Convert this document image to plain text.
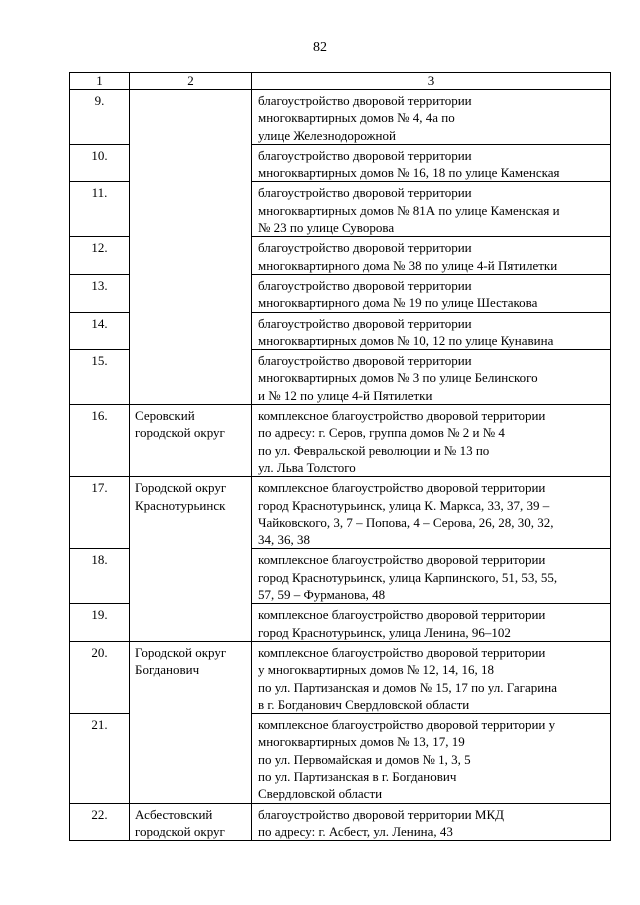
82
1	2	3
9.		благоустройство дворовой территории
многоквартирных домов № 4, 4а по
улице Железнодорожной

10.		благоустройство дворовой территории
многоквартирных домов № 16, 18 по улице Каменская

11.		благоустройство дворовой территории
многоквартирных домов № 81А по улице Каменская и
№ 23 по улице Суворова

12.		благоустройство дворовой территории
многоквартирного дома № 38 по улице 4-й Пятилетки

13.		благоустройство дворовой территории
многоквартирного дома № 19 по улице Шестакова

14.		благоустройство дворовой территории
многоквартирных домов № 10, 12 по улице Кунавина

15.		благоустройство дворовой территории
многоквартирных домов № 3 по улице Белинского
и № 12 по улице 4-й Пятилетки

16.	Серовский
городской округ	комплексное благоустройство дворовой территории
по адресу: г. Серов, группа домов № 2 и № 4
по ул. Февральской революции и № 13 по
ул. Льва Толстого

17.	Городской округ
Краснотурьинск	комплексное благоустройство дворовой территории
город Краснотурьинск, улица К. Маркса, 33, 37, 39 –
Чайковского, 3, 7 – Попова, 4 – Серова, 26, 28, 30, 32,
34, 36, 38

18.		комплексное благоустройство дворовой территории
город Краснотурьинск, улица Карпинского, 51, 53, 55,
57, 59 – Фурманова, 48

19.		комплексное благоустройство дворовой территории
город Краснотурьинск, улица Ленина, 96–102

20.	Городской округ
Богданович	комплексное благоустройство дворовой территории
у многоквартирных домов № 12, 14, 16, 18
по ул. Партизанская и домов № 15, 17 по ул. Гагарина
в г. Богданович Свердловской области

21.		комплексное благоустройство дворовой территории у
многоквартирных домов № 13, 17, 19
по ул. Первомайская и домов № 1, 3, 5
по ул. Партизанская в г. Богданович
Свердловской области

22.	Асбестовский
городской округ	благоустройство дворовой территории МКД
по адресу: г. Асбест, ул. Ленина, 43
